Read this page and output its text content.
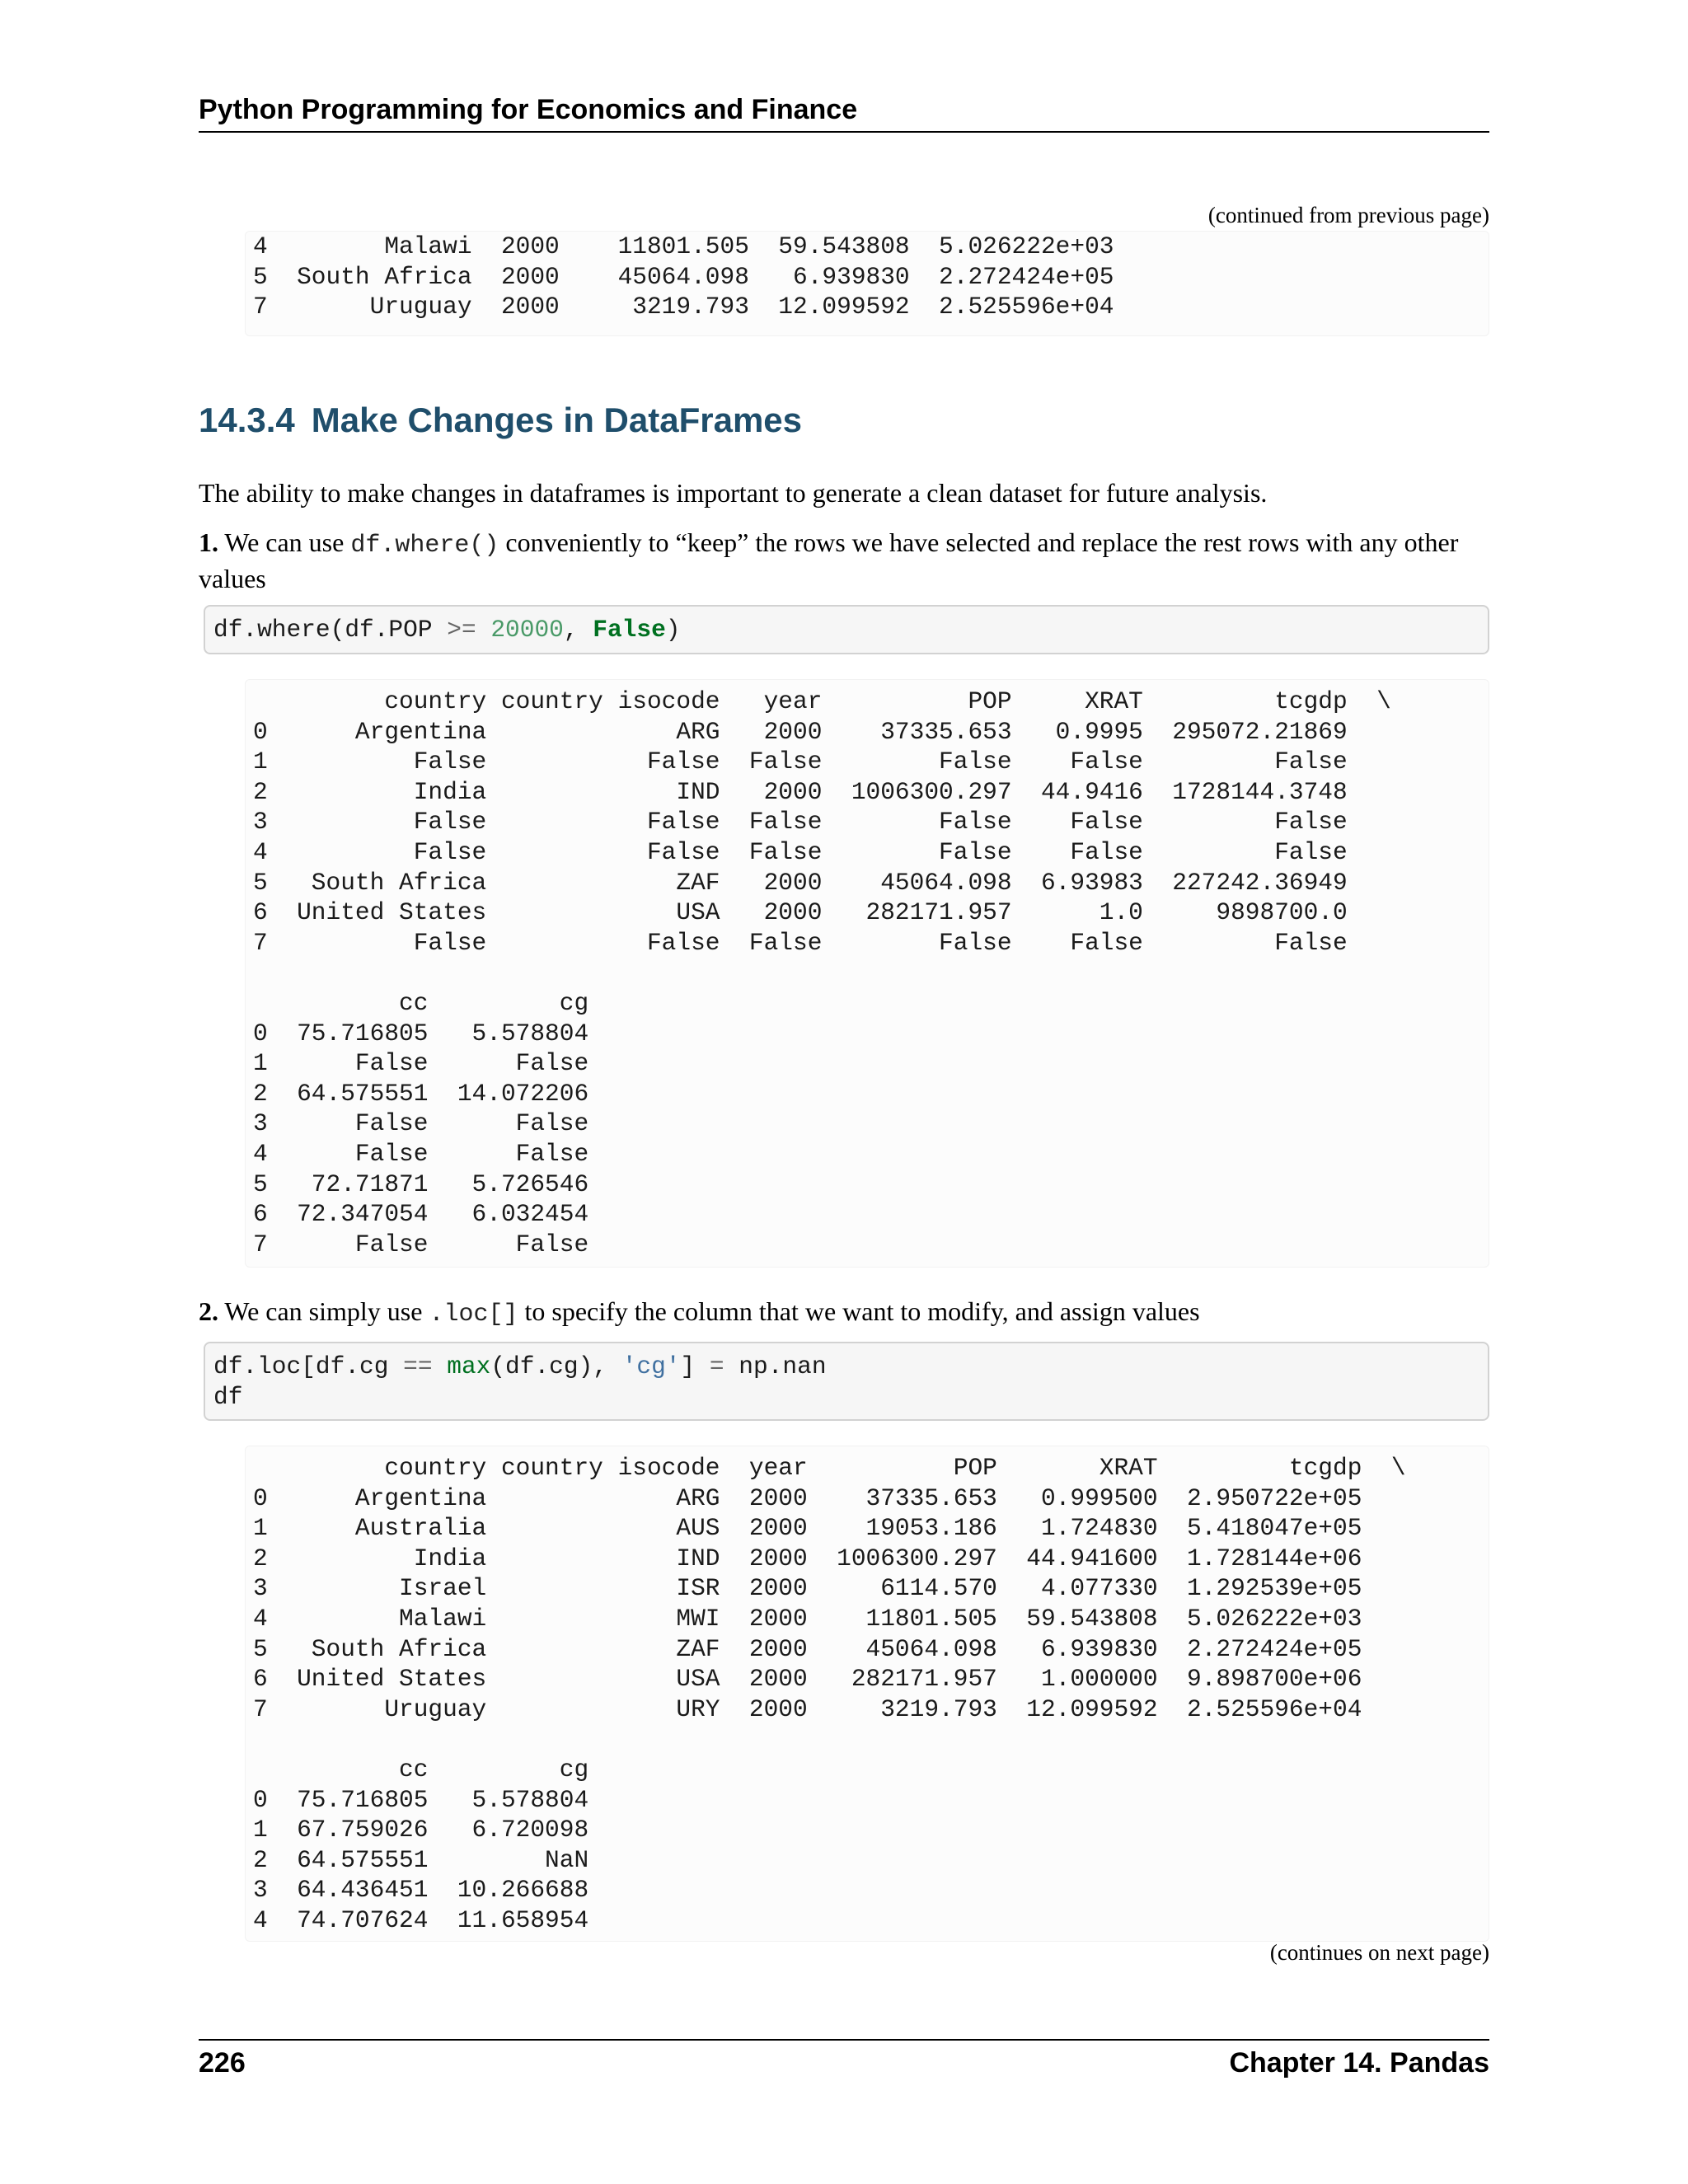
Python Programming for Economics and Finance
(continued from previous page)
4        Malawi  2000    11801.505  59.543808  5.026222e+03
5  South Africa  2000    45064.098   6.939830  2.272424e+05
7       Uruguay  2000     3219.793  12.099592  2.525596e+04
14.3.4 Make Changes in DataFrames
The ability to make changes in dataframes is important to generate a clean dataset for future analysis.
1. We can use df.where() conveniently to “keep” the rows we have selected and replace the rest rows with any other values
df.where(df.POP >= 20000, False)
country country isocode   year          POP     XRAT         tcgdp  \
0      Argentina             ARG   2000    37335.653   0.9995  295072.21869
1          False           False  False        False    False         False
2          India             IND   2000  1006300.297  44.9416  1728144.3748
3          False           False  False        False    False         False
4          False           False  False        False    False         False
5   South Africa             ZAF   2000    45064.098  6.93983  227242.36949
6  United States             USA   2000   282171.957      1.0     9898700.0
7          False           False  False        False    False         False

cc         cg
0  75.716805   5.578804
1      False      False
2  64.575551  14.072206
3      False      False
4      False      False
5   72.71871   5.726546
6  72.347054   6.032454
7      False      False
2. We can simply use .loc[] to specify the column that we want to modify, and assign values
df.loc[df.cg == max(df.cg), 'cg'] = np.nan
df
country country isocode  year          POP       XRAT         tcgdp  \
0      Argentina             ARG  2000    37335.653   0.999500  2.950722e+05
1      Australia             AUS  2000    19053.186   1.724830  5.418047e+05
2          India             IND  2000  1006300.297  44.941600  1.728144e+06
3         Israel             ISR  2000     6114.570   4.077330  1.292539e+05
4         Malawi             MWI  2000    11801.505  59.543808  5.026222e+03
5   South Africa             ZAF  2000    45064.098   6.939830  2.272424e+05
6  United States             USA  2000   282171.957   1.000000  9.898700e+06
7        Uruguay             URY  2000     3219.793  12.099592  2.525596e+04

cc         cg
0  75.716805   5.578804
1  67.759026   6.720098
2  64.575551        NaN
3  64.436451  10.266688
4  74.707624  11.658954
(continues on next page)
226	Chapter 14. Pandas
